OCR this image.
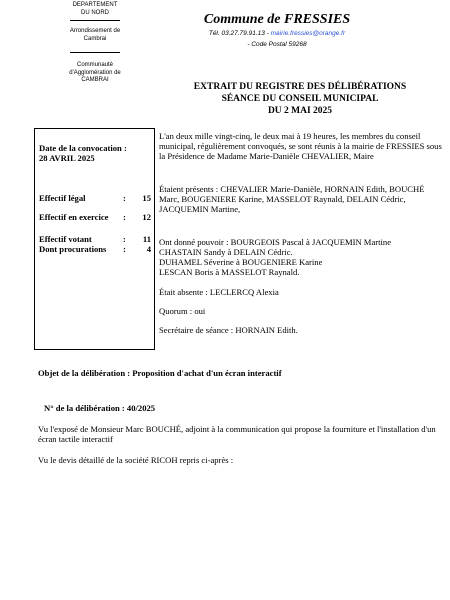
DEPARTEMENT
DU NORD
Arrondissement de
Cambrai
Communauté
d'Agglomération de
CAMBRAI
Commune de FRESSIES
Tél. 03.27.79.91.13 - mairie.fressies@orange.fr
- Code Postal 59268
EXTRAIT DU REGISTRE DES DÉLIBÉRATIONS
SÉANCE DU CONSEIL MUNICIPAL
DU 2 MAI 2025
Date de la convocation :
28 AVRIL 2025
Effectif légal	:	15
Effectif en exercice	:	12
Effectif votant	:	11
Dont procurations	:	4
L'an deux mille vingt-cinq, le deux mai à 19 heures, les membres du conseil municipal, régulièrement convoqués, se sont réunis à la mairie de FRESSIES sous la Présidence de Madame Marie-Danièle CHEVALIER, Maire
Étaient présents : CHEVALIER Marie-Danièle, HORNAIN Edith, BOUCHÉ Marc, BOUGENIERE Karine, MASSELOT Raynald, DELAIN Cédric, JACQUEMIN Martine,
Ont donné pouvoir : BOURGEOIS Pascal à JACQUEMIN Martine
CHASTAIN Sandy à DELAIN Cédric.
DUHAMEL Séverine à BOUGENIERE Karine
LESCAN Boris à MASSELOT Raynald.
Était absente : LECLERCQ Alexia
Quorum : oui
Secrétaire de séance : HORNAIN Edith.
Objet de la délibération : Proposition d'achat d'un écran interactif
N° de la délibération : 40/2025
Vu l'exposé de Monsieur Marc BOUCHÉ, adjoint à la communication qui propose la fourniture et l'installation d'un écran tactile interactif
Vu le devis détaillé de la société RICOH repris ci-après :
